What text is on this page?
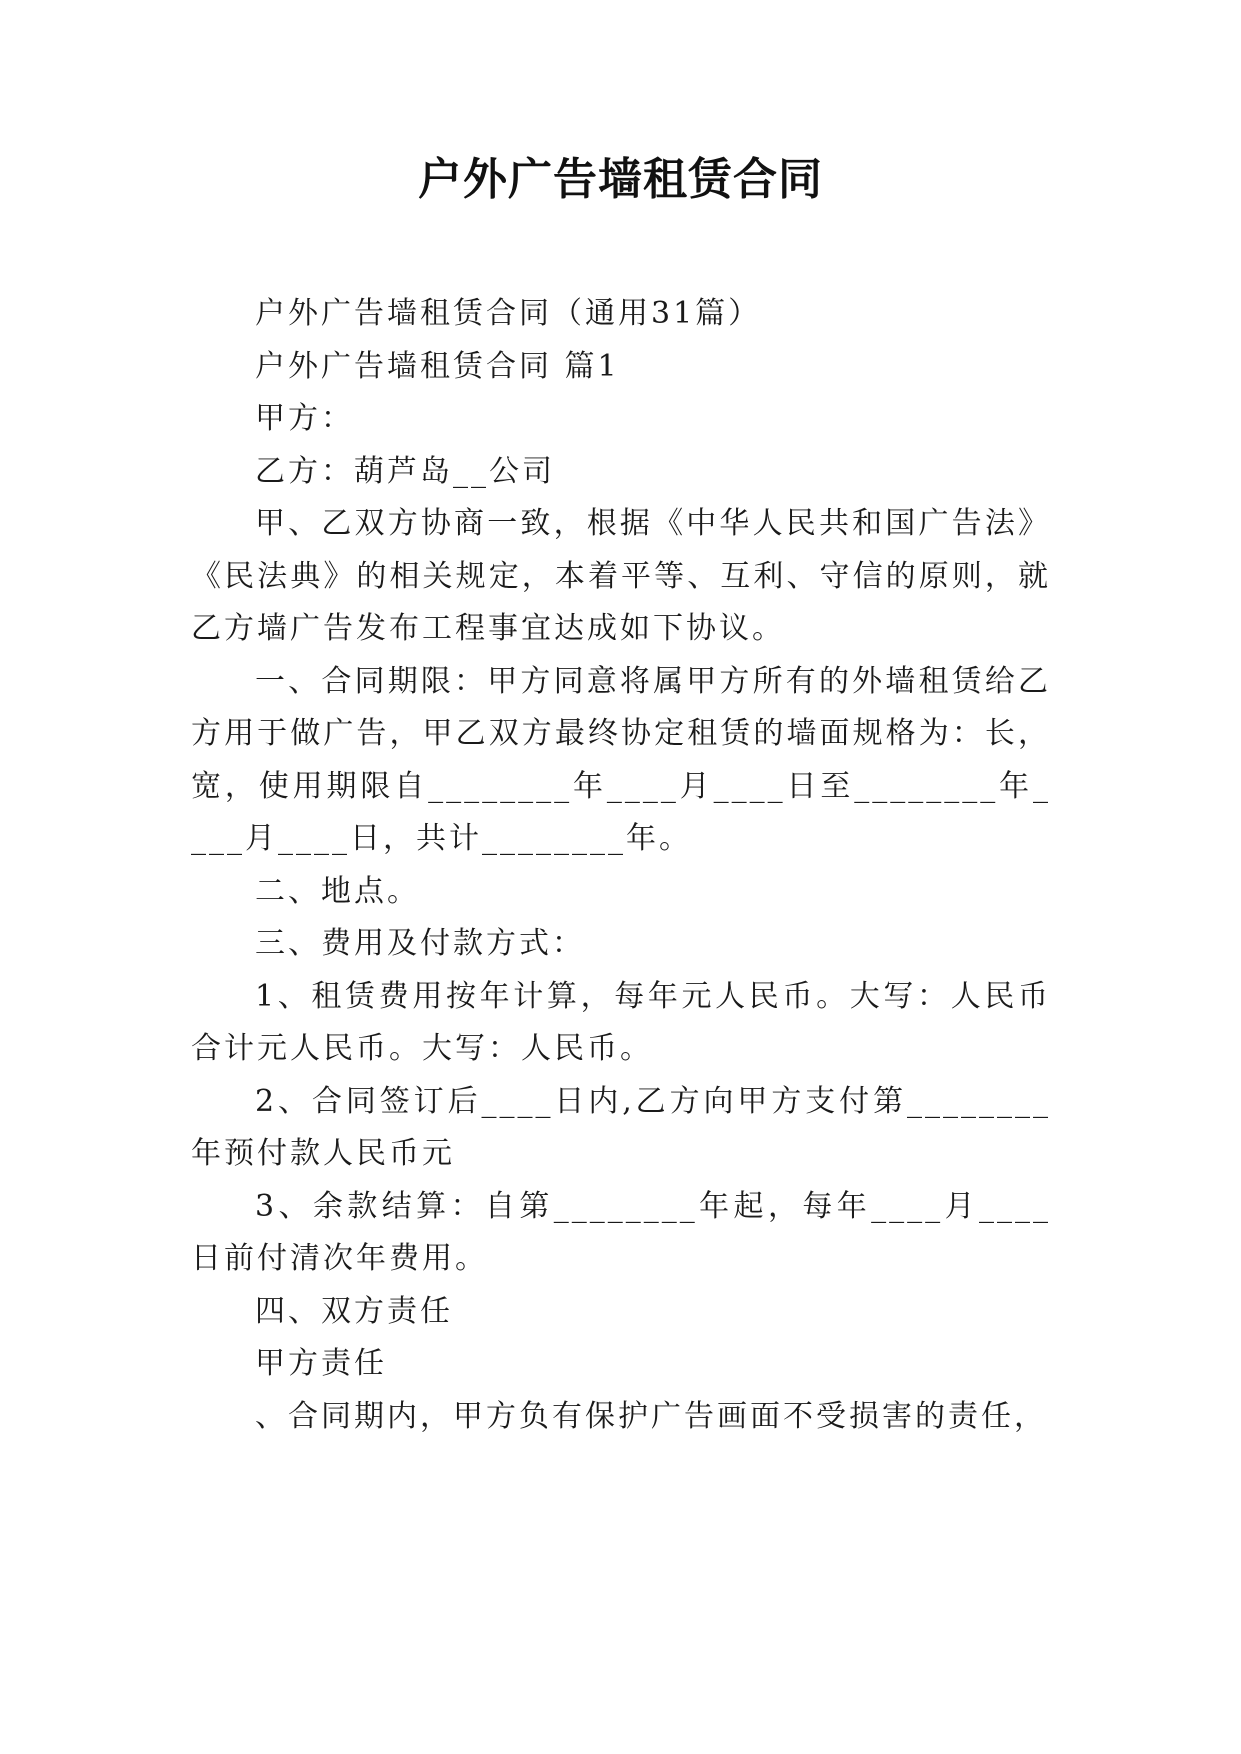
户外广告墙租赁合同

户外广告墙租赁合同（通用31篇）

户外广告墙租赁合同 篇1

甲方：

乙方：葫芦岛__公司

甲、乙双方协商一致，根据《中华人民共和国广告法》《民法典》的相关规定，本着平等、互利、守信的原则，就乙方墙广告发布工程事宜达成如下协议。

一、合同期限：甲方同意将属甲方所有的外墙租赁给乙方用于做广告，甲乙双方最终协定租赁的墙面规格为：长，宽，使用期限自________年____月____日至________年____月____日，共计________年。

二、地点。

三、费用及付款方式：

1、租赁费用按年计算，每年元人民币。大写：人民币合计元人民币。大写：人民币。

2、合同签订后____日内,乙方向甲方支付第________年预付款人民币元

3、余款结算：自第________年起，每年____月____日前付清次年费用。

四、双方责任

甲方责任

、合同期内，甲方负有保护广告画面不受损害的责任，
